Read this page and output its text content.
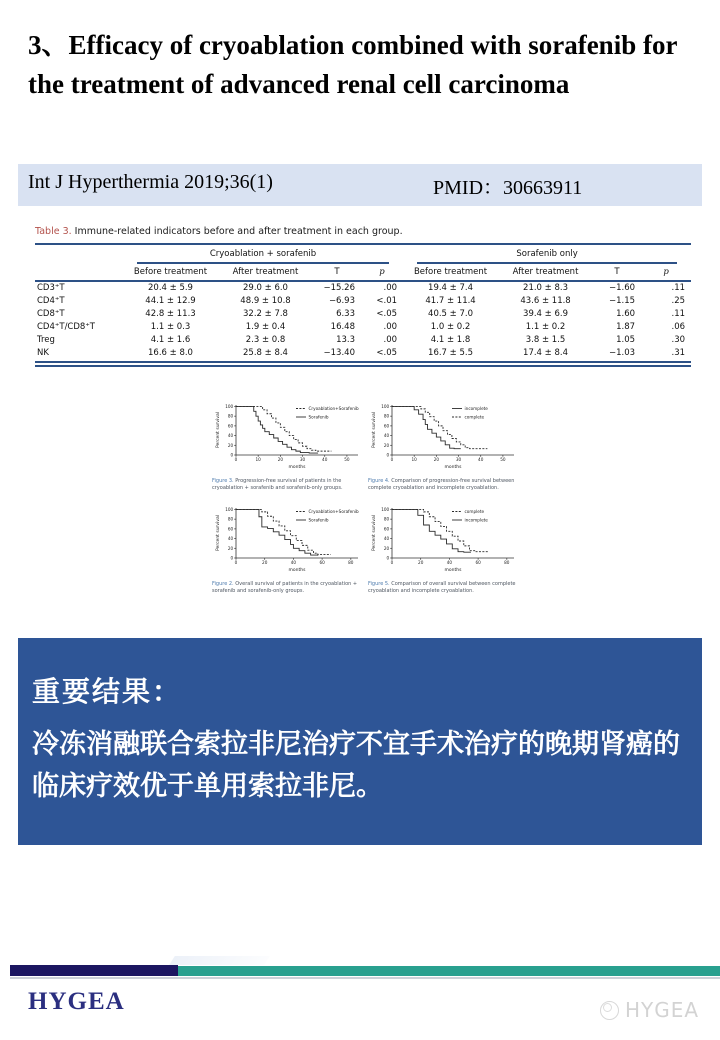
3、Efficacy of cryoablation combined with sorafenib for the treatment of advanced renal cell carcinoma
Int J Hyperthermia 2019;36(1)	PMID：30663911

Table 3. Immune-related indicators before and after treatment in each group.

	Cryoablation + sorafenib				Sorafenib only			

	Before treatment	After treatment	T	p	Before treatment	After treatment	T	p
CD3⁺T	20.4 ± 5.9	29.0 ± 6.0	−15.26	.00	19.4 ± 7.4	21.0 ± 8.3	−1.60	.11
CD4⁺T	44.1 ± 12.9	48.9 ± 10.8	−6.93	<.01	41.7 ± 11.4	43.6 ± 11.8	−1.15	.25
CD8⁺T	42.8 ± 11.3	32.2 ± 7.8	6.33	<.05	40.5 ± 7.0	39.4 ± 6.9	1.60	.11
CD4⁺T/CD8⁺T	1.1 ± 0.3	1.9 ± 0.4	16.48	.00	1.0 ± 0.2	1.1 ± 0.2	1.87	.06
Treg	4.1 ± 1.6	2.3 ± 0.8	13.3	.00	4.1 ± 1.8	3.8 ± 1.5	1.05	.30
NK	16.6 ± 8.0	25.8 ± 8.4	−13.40	<.05	16.7 ± 5.5	17.4 ± 8.4	−1.03	.31
0
20
40
60
80
100
0	10	20	30	40	50
Percent survival
months
Cryoablation+Sorafenib
Sorafenib
Figure 3. Progression-free survival of patients in the cryoablation + sorafenib and sorafenib-only groups.
0
20
40
60
80
100
0	10	20	30	40	50
Percent survival
months
incomplete
complete
Figure 4. Comparison of progression-free survival between complete cryoablation and incomplete cryoablation.
0
20
40
60
80
100
0	20	40	60	80
Percent survival
months
Cryoablation+Sorafenib
Sorafenib
Figure 2. Overall survival of patients in the cryoablation + sorafenib and sorafenib-only groups.
0
20
40
60
80
100
0	20	40	60	80
Percent survival
months
complete
incomplete
Figure 5. Comparison of overall survival between complete cryoablation and incomplete cryoablation.
重要结果：
冷冻消融联合索拉非尼治疗不宜手术治疗的晚期肾癌的临床疗效优于单用索拉非尼。
HYGEA	HYGEA
